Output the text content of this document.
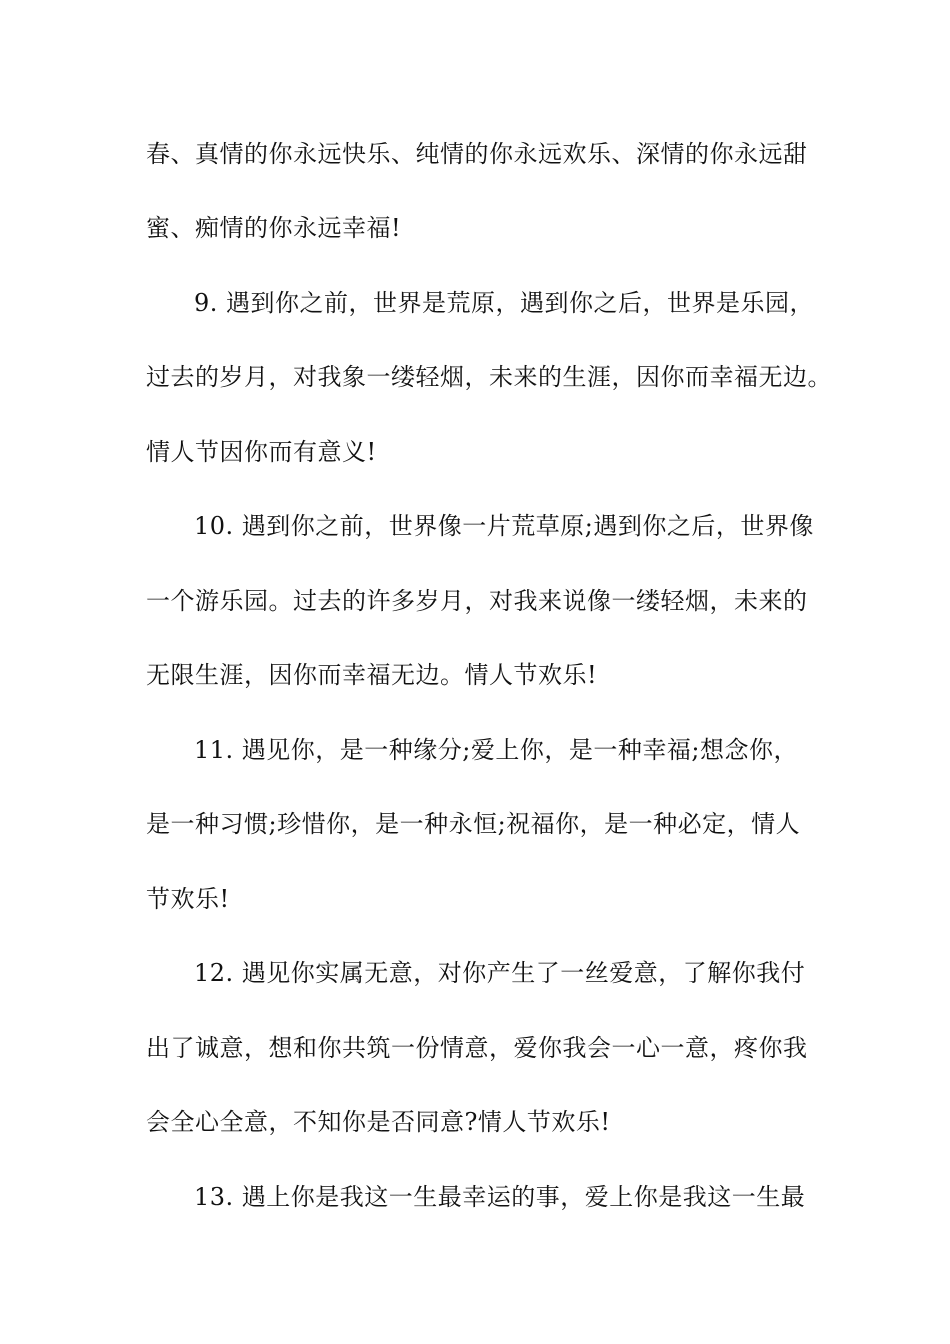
春、真情的你永远快乐、纯情的你永远欢乐、深情的你永远甜
蜜、痴情的你永远幸福!
9. 遇到你之前，世界是荒原，遇到你之后，世界是乐园，
过去的岁月，对我象一缕轻烟，未来的生涯，因你而幸福无边。
情人节因你而有意义!
10. 遇到你之前，世界像一片荒草原;遇到你之后，世界像
一个游乐园。过去的许多岁月，对我来说像一缕轻烟，未来的
无限生涯，因你而幸福无边。情人节欢乐!
11. 遇见你，是一种缘分;爱上你，是一种幸福;想念你，
是一种习惯;珍惜你，是一种永恒;祝福你，是一种必定，情人
节欢乐!
12. 遇见你实属无意，对你产生了一丝爱意，了解你我付
出了诚意，想和你共筑一份情意，爱你我会一心一意，疼你我
会全心全意，不知你是否同意?情人节欢乐!
13. 遇上你是我这一生最幸运的事，爱上你是我这一生最
